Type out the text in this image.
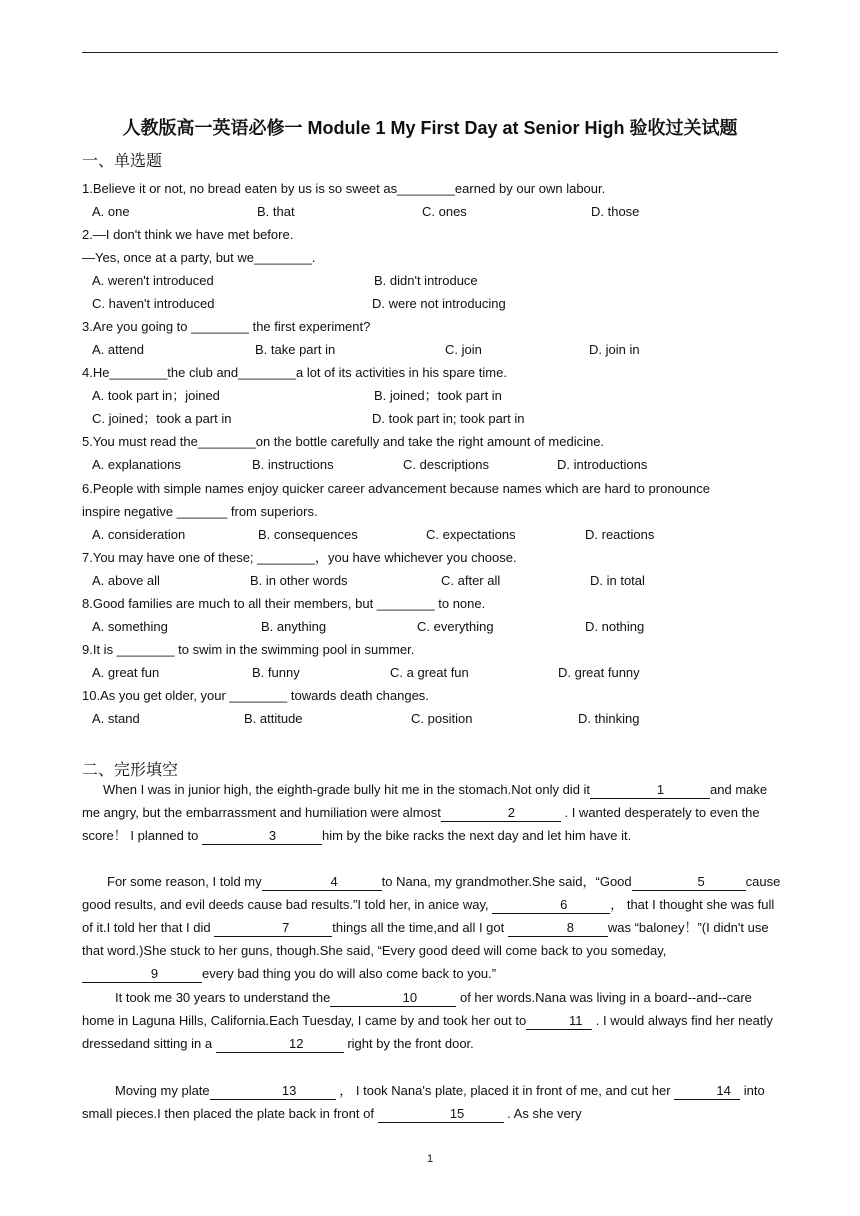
人教版高一英语必修一 Module 1 My First Day at Senior High 验收过关试题
一、单选题
1.Believe it or not, no bread eaten by us is so sweet as________earned by our own labour.
A. one	B. that	C. ones	D. those
2.—I don't think we have met before.
—Yes, once at a party, but we________.
A. weren't introduced	B. didn't introduce
C. haven't introduced	D. were not introducing
3.Are you going to ________ the first experiment?
A. attend	B. take part in	C. join	D. join in
4.He________the club and________a lot of its activities in his spare time.
A. took part in；joined	B. joined；took part in
C. joined；took a part in	D. took part in; took part in
5.You must read the________on the bottle carefully and take the right amount of medicine.
A. explanations	B. instructions	C. descriptions	D. introductions
6.People with simple names enjoy quicker career advancement because names which are hard to pronounce
inspire negative _______ from superiors.
A. consideration	B. consequences	C. expectations	D. reactions
7.You may have one of these; ________，you have whichever you choose.
A. above all	B. in other words	C. after all	D. in total
8.Good families are much to all their members, but ________ to none.
A. something	B. anything	C. everything	D. nothing
9.It is ________ to swim in the swimming pool in summer.
A. great fun	B. funny	C. a great fun	D. great funny
10.As you get older, your ________ towards death changes.
A. stand	B. attitude	C. position	D. thinking
二、完形填空
When I was in junior high, the eighth-grade bully hit me in the stomach.Not only did it	1	and make me angry, but the embarrassment and humiliation were almost	2	. I wanted desperately to even the score！ I planned to	3	him by the bike racks the next day and let him have it.
For some reason, I told my	4	to Nana, my grandmother.She said，“Good	5	cause good results, and evil deeds cause bad results.”I told her, in anice way,	6	， that I thought she was full of it.I told her that I did	7	things all the time,and all I got	8	was “baloney！”(I didn't use that word.)She stuck to her guns, though.She said, “Every good deed will come back to you someday, 9	every bad thing you do will also come back to you.”
It took me 30 years to understand the	10	of her words.Nana was living in a board--and--care home in Laguna Hills, California.Each Tuesday, I came by and took her out to	11 . I would always find her neatly dressedand sitting in a	12	right by the front door.
Moving my plate	13	， I took Nana's plate, placed it in front of me, and cut her	14 into small pieces.I then placed the plate back in front of	15	. As she very
1
